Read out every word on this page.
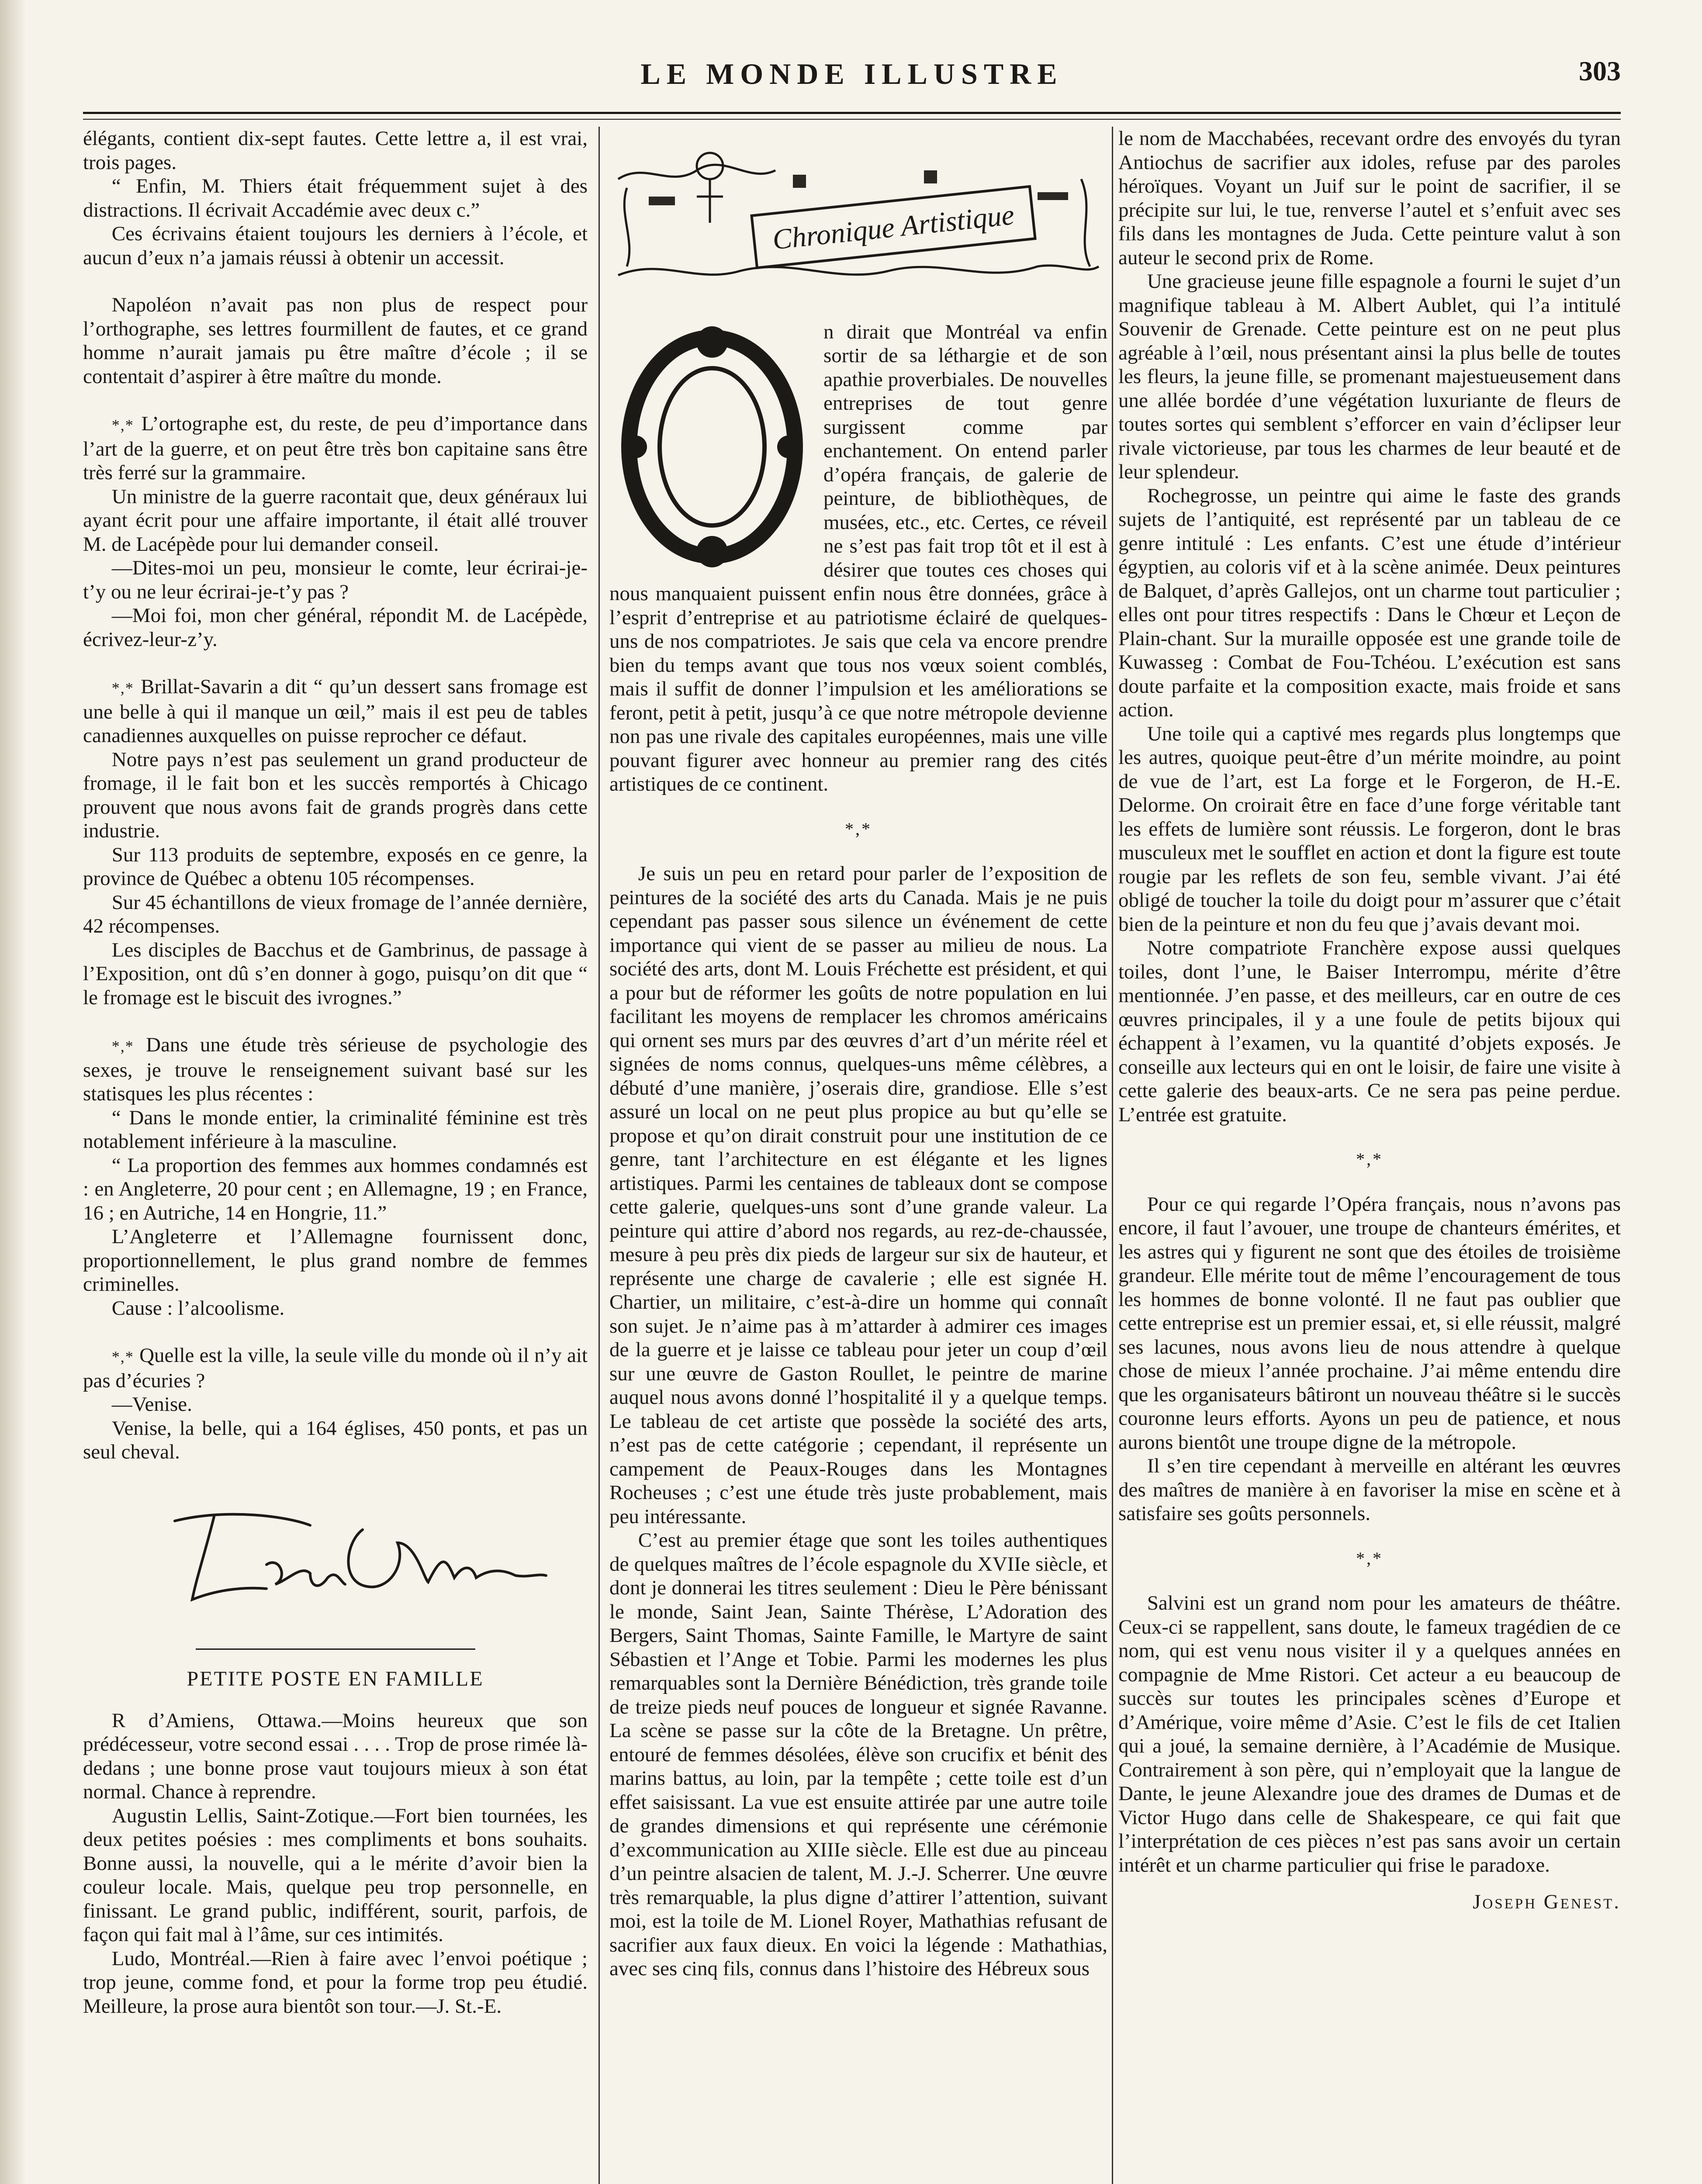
LE MONDE ILLUSTRE	303

élégants, contient dix-sept fautes. Cette lettre a, il est vrai, trois pages.

“ Enfin, M. Thiers était fréquemment sujet à des distractions. Il écrivait Accadémie avec deux c.”

Ces écrivains étaient toujours les derniers à l’école, et aucun d’eux n’a jamais réussi à obtenir un accessit.

Napoléon n’avait pas non plus de respect pour l’orthographe, ses lettres fourmillent de fautes, et ce grand homme n’aurait jamais pu être maître d’école ; il se contentait d’aspirer à être maître du monde.

*,* L’ortographe est, du reste, de peu d’importance dans l’art de la guerre, et on peut être très bon capitaine sans être très ferré sur la grammaire.

Un ministre de la guerre racontait que, deux généraux lui ayant écrit pour une affaire importante, il était allé trouver M. de Lacépède pour lui demander conseil.

—Dites-moi un peu, monsieur le comte, leur écrirai-je-t’y ou ne leur écrirai-je-t’y pas ?

—Moi foi, mon cher général, répondit M. de Lacépède, écrivez-leur-z’y.

*,* Brillat-Savarin a dit “ qu’un dessert sans fromage est une belle à qui il manque un œil,” mais il est peu de tables canadiennes auxquelles on puisse reprocher ce défaut.

Notre pays n’est pas seulement un grand producteur de fromage, il le fait bon et les succès remportés à Chicago prouvent que nous avons fait de grands progrès dans cette industrie.

Sur 113 produits de septembre, exposés en ce genre, la province de Québec a obtenu 105 récompenses.

Sur 45 échantillons de vieux fromage de l’année dernière, 42 récompenses.

Les disciples de Bacchus et de Gambrinus, de passage à l’Exposition, ont dû s’en donner à gogo, puisqu’on dit que “ le fromage est le biscuit des ivrognes.”

*,* Dans une étude très sérieuse de psychologie des sexes, je trouve le renseignement suivant basé sur les statisques les plus récentes :

“ Dans le monde entier, la criminalité féminine est très notablement inférieure à la masculine.

“ La proportion des femmes aux hommes condamnés est : en Angleterre, 20 pour cent ; en Allemagne, 19 ; en France, 16 ; en Autriche, 14 en Hongrie, 11.”

L’Angleterre et l’Allemagne fournissent donc, proportionnellement, le plus grand nombre de femmes criminelles.

Cause : l’alcoolisme.

*,* Quelle est la ville, la seule ville du monde où il n’y ait pas d’écuries ?

—Venise.

Venise, la belle, qui a 164 églises, 450 ponts, et pas un seul cheval.

PETITE POSTE EN FAMILLE

R d’Amiens, Ottawa.—Moins heureux que son prédécesseur, votre second essai . . . . Trop de prose rimée là-dedans ; une bonne prose vaut toujours mieux à son état normal. Chance à reprendre.

Augustin Lellis, Saint-Zotique.—Fort bien tournées, les deux petites poésies : mes compliments et bons souhaits. Bonne aussi, la nouvelle, qui a le mérite d’avoir bien la couleur locale. Mais, quelque peu trop personnelle, en finissant. Le grand public, indifférent, sourit, parfois, de façon qui fait mal à l’âme, sur ces intimités.

Ludo, Montréal.—Rien à faire avec l’envoi poétique ; trop jeune, comme fond, et pour la forme trop peu étudié. Meilleure, la prose aura bientôt son tour.—J. St.-E.

Chronique Artistique
O

n dirait que Montréal va enfin sortir de sa léthargie et de son apathie proverbiales. De nouvelles entreprises de tout genre surgissent comme par enchantement. On entend parler d’opéra français, de galerie de peinture, de bibliothèques, de musées, etc., etc. Certes, ce réveil ne s’est pas fait trop tôt et il est à désirer que toutes ces choses qui nous manquaient puissent enfin nous être données, grâce à l’esprit d’entreprise et au patriotisme éclairé de quelques-uns de nos compatriotes. Je sais que cela va encore prendre bien du temps avant que tous nos vœux soient comblés, mais il suffit de donner l’impulsion et les améliorations se feront, petit à petit, jusqu’à ce que notre métropole devienne non pas une rivale des capitales européennes, mais une ville pouvant figurer avec honneur au premier rang des cités artistiques de ce continent.

*,*

Je suis un peu en retard pour parler de l’exposition de peintures de la société des arts du Canada. Mais je ne puis cependant pas passer sous silence un événement de cette importance qui vient de se passer au milieu de nous. La société des arts, dont M. Louis Fréchette est président, et qui a pour but de réformer les goûts de notre population en lui facilitant les moyens de remplacer les chromos américains qui ornent ses murs par des œuvres d’art d’un mérite réel et signées de noms connus, quelques-uns même célèbres, a débuté d’une manière, j’oserais dire, grandiose. Elle s’est assuré un local on ne peut plus propice au but qu’elle se propose et qu’on dirait construit pour une institution de ce genre, tant l’architecture en est élégante et les lignes artistiques. Parmi les centaines de tableaux dont se compose cette galerie, quelques-uns sont d’une grande valeur. La peinture qui attire d’abord nos regards, au rez-de-chaussée, mesure à peu près dix pieds de largeur sur six de hauteur, et représente une charge de cavalerie ; elle est signée H. Chartier, un militaire, c’est-à-dire un homme qui connaît son sujet. Je n’aime pas à m’attarder à admirer ces images de la guerre et je laisse ce tableau pour jeter un coup d’œil sur une œuvre de Gaston Roullet, le peintre de marine auquel nous avons donné l’hospitalité il y a quelque temps. Le tableau de cet artiste que possède la société des arts, n’est pas de cette catégorie ; cependant, il représente un campement de Peaux-Rouges dans les Montagnes Rocheuses ; c’est une étude très juste probablement, mais peu intéressante.

C’est au premier étage que sont les toiles authentiques de quelques maîtres de l’école espagnole du XVIIe siècle, et dont je donnerai les titres seulement : Dieu le Père bénissant le monde, Saint Jean, Sainte Thérèse, L’Adoration des Bergers, Saint Thomas, Sainte Famille, le Martyre de saint Sébastien et l’Ange et Tobie. Parmi les modernes les plus remarquables sont la Dernière Bénédiction, très grande toile de treize pieds neuf pouces de longueur et signée Ravanne. La scène se passe sur la côte de la Bretagne. Un prêtre, entouré de femmes désolées, élève son crucifix et bénit des marins battus, au loin, par la tempête ; cette toile est d’un effet saisissant. La vue est ensuite attirée par une autre toile de grandes dimensions et qui représente une cérémonie d’excommunication au XIIIe siècle. Elle est due au pinceau d’un peintre alsacien de talent, M. J.-J. Scherrer. Une œuvre très remarquable, la plus digne d’attirer l’attention, suivant moi, est la toile de M. Lionel Royer, Mathathias refusant de sacrifier aux faux dieux. En voici la légende : Mathathias, avec ses cinq fils, connus dans l’histoire des Hébreux sous

le nom de Macchabées, recevant ordre des envoyés du tyran Antiochus de sacrifier aux idoles, refuse par des paroles héroïques. Voyant un Juif sur le point de sacrifier, il se précipite sur lui, le tue, renverse l’autel et s’enfuit avec ses fils dans les montagnes de Juda. Cette peinture valut à son auteur le second prix de Rome.

Une gracieuse jeune fille espagnole a fourni le sujet d’un magnifique tableau à M. Albert Aublet, qui l’a intitulé Souvenir de Grenade. Cette peinture est on ne peut plus agréable à l’œil, nous présentant ainsi la plus belle de toutes les fleurs, la jeune fille, se promenant majestueusement dans une allée bordée d’une végétation luxuriante de fleurs de toutes sortes qui semblent s’efforcer en vain d’éclipser leur rivale victorieuse, par tous les charmes de leur beauté et de leur splendeur.

Rochegrosse, un peintre qui aime le faste des grands sujets de l’antiquité, est représenté par un tableau de ce genre intitulé : Les enfants. C’est une étude d’intérieur égyptien, au coloris vif et à la scène animée. Deux peintures de Balquet, d’après Gallejos, ont un charme tout particulier ; elles ont pour titres respectifs : Dans le Chœur et Leçon de Plain-chant. Sur la muraille opposée est une grande toile de Kuwasseg : Combat de Fou-Tchéou. L’exécution est sans doute parfaite et la composition exacte, mais froide et sans action.

Une toile qui a captivé mes regards plus longtemps que les autres, quoique peut-être d’un mérite moindre, au point de vue de l’art, est La forge et le Forgeron, de H.-E. Delorme. On croirait être en face d’une forge véritable tant les effets de lumière sont réussis. Le forgeron, dont le bras musculeux met le soufflet en action et dont la figure est toute rougie par les reflets de son feu, semble vivant. J’ai été obligé de toucher la toile du doigt pour m’assurer que c’était bien de la peinture et non du feu que j’avais devant moi.

Notre compatriote Franchère expose aussi quelques toiles, dont l’une, le Baiser Interrompu, mérite d’être mentionnée. J’en passe, et des meilleurs, car en outre de ces œuvres principales, il y a une foule de petits bijoux qui échappent à l’examen, vu la quantité d’objets exposés. Je conseille aux lecteurs qui en ont le loisir, de faire une visite à cette galerie des beaux-arts. Ce ne sera pas peine perdue. L’entrée est gratuite.

*,*

Pour ce qui regarde l’Opéra français, nous n’avons pas encore, il faut l’avouer, une troupe de chanteurs émérites, et les astres qui y figurent ne sont que des étoiles de troisième grandeur. Elle mérite tout de même l’encouragement de tous les hommes de bonne volonté. Il ne faut pas oublier que cette entreprise est un premier essai, et, si elle réussit, malgré ses lacunes, nous avons lieu de nous attendre à quelque chose de mieux l’année prochaine. J’ai même entendu dire que les organisateurs bâtiront un nouveau théâtre si le succès couronne leurs efforts. Ayons un peu de patience, et nous aurons bientôt une troupe digne de la métropole.

Il s’en tire cependant à merveille en altérant les œuvres des maîtres de manière à en favoriser la mise en scène et à satisfaire ses goûts personnels.

*,*

Salvini est un grand nom pour les amateurs de théâtre. Ceux-ci se rappellent, sans doute, le fameux tragédien de ce nom, qui est venu nous visiter il y a quelques années en compagnie de Mme Ristori. Cet acteur a eu beaucoup de succès sur toutes les principales scènes d’Europe et d’Amérique, voire même d’Asie. C’est le fils de cet Italien qui a joué, la semaine dernière, à l’Académie de Musique. Contrairement à son père, qui n’employait que la langue de Dante, le jeune Alexandre joue des drames de Dumas et de Victor Hugo dans celle de Shakespeare, ce qui fait que l’interprétation de ces pièces n’est pas sans avoir un certain intérêt et un charme particulier qui frise le paradoxe.

Joseph Genest.
